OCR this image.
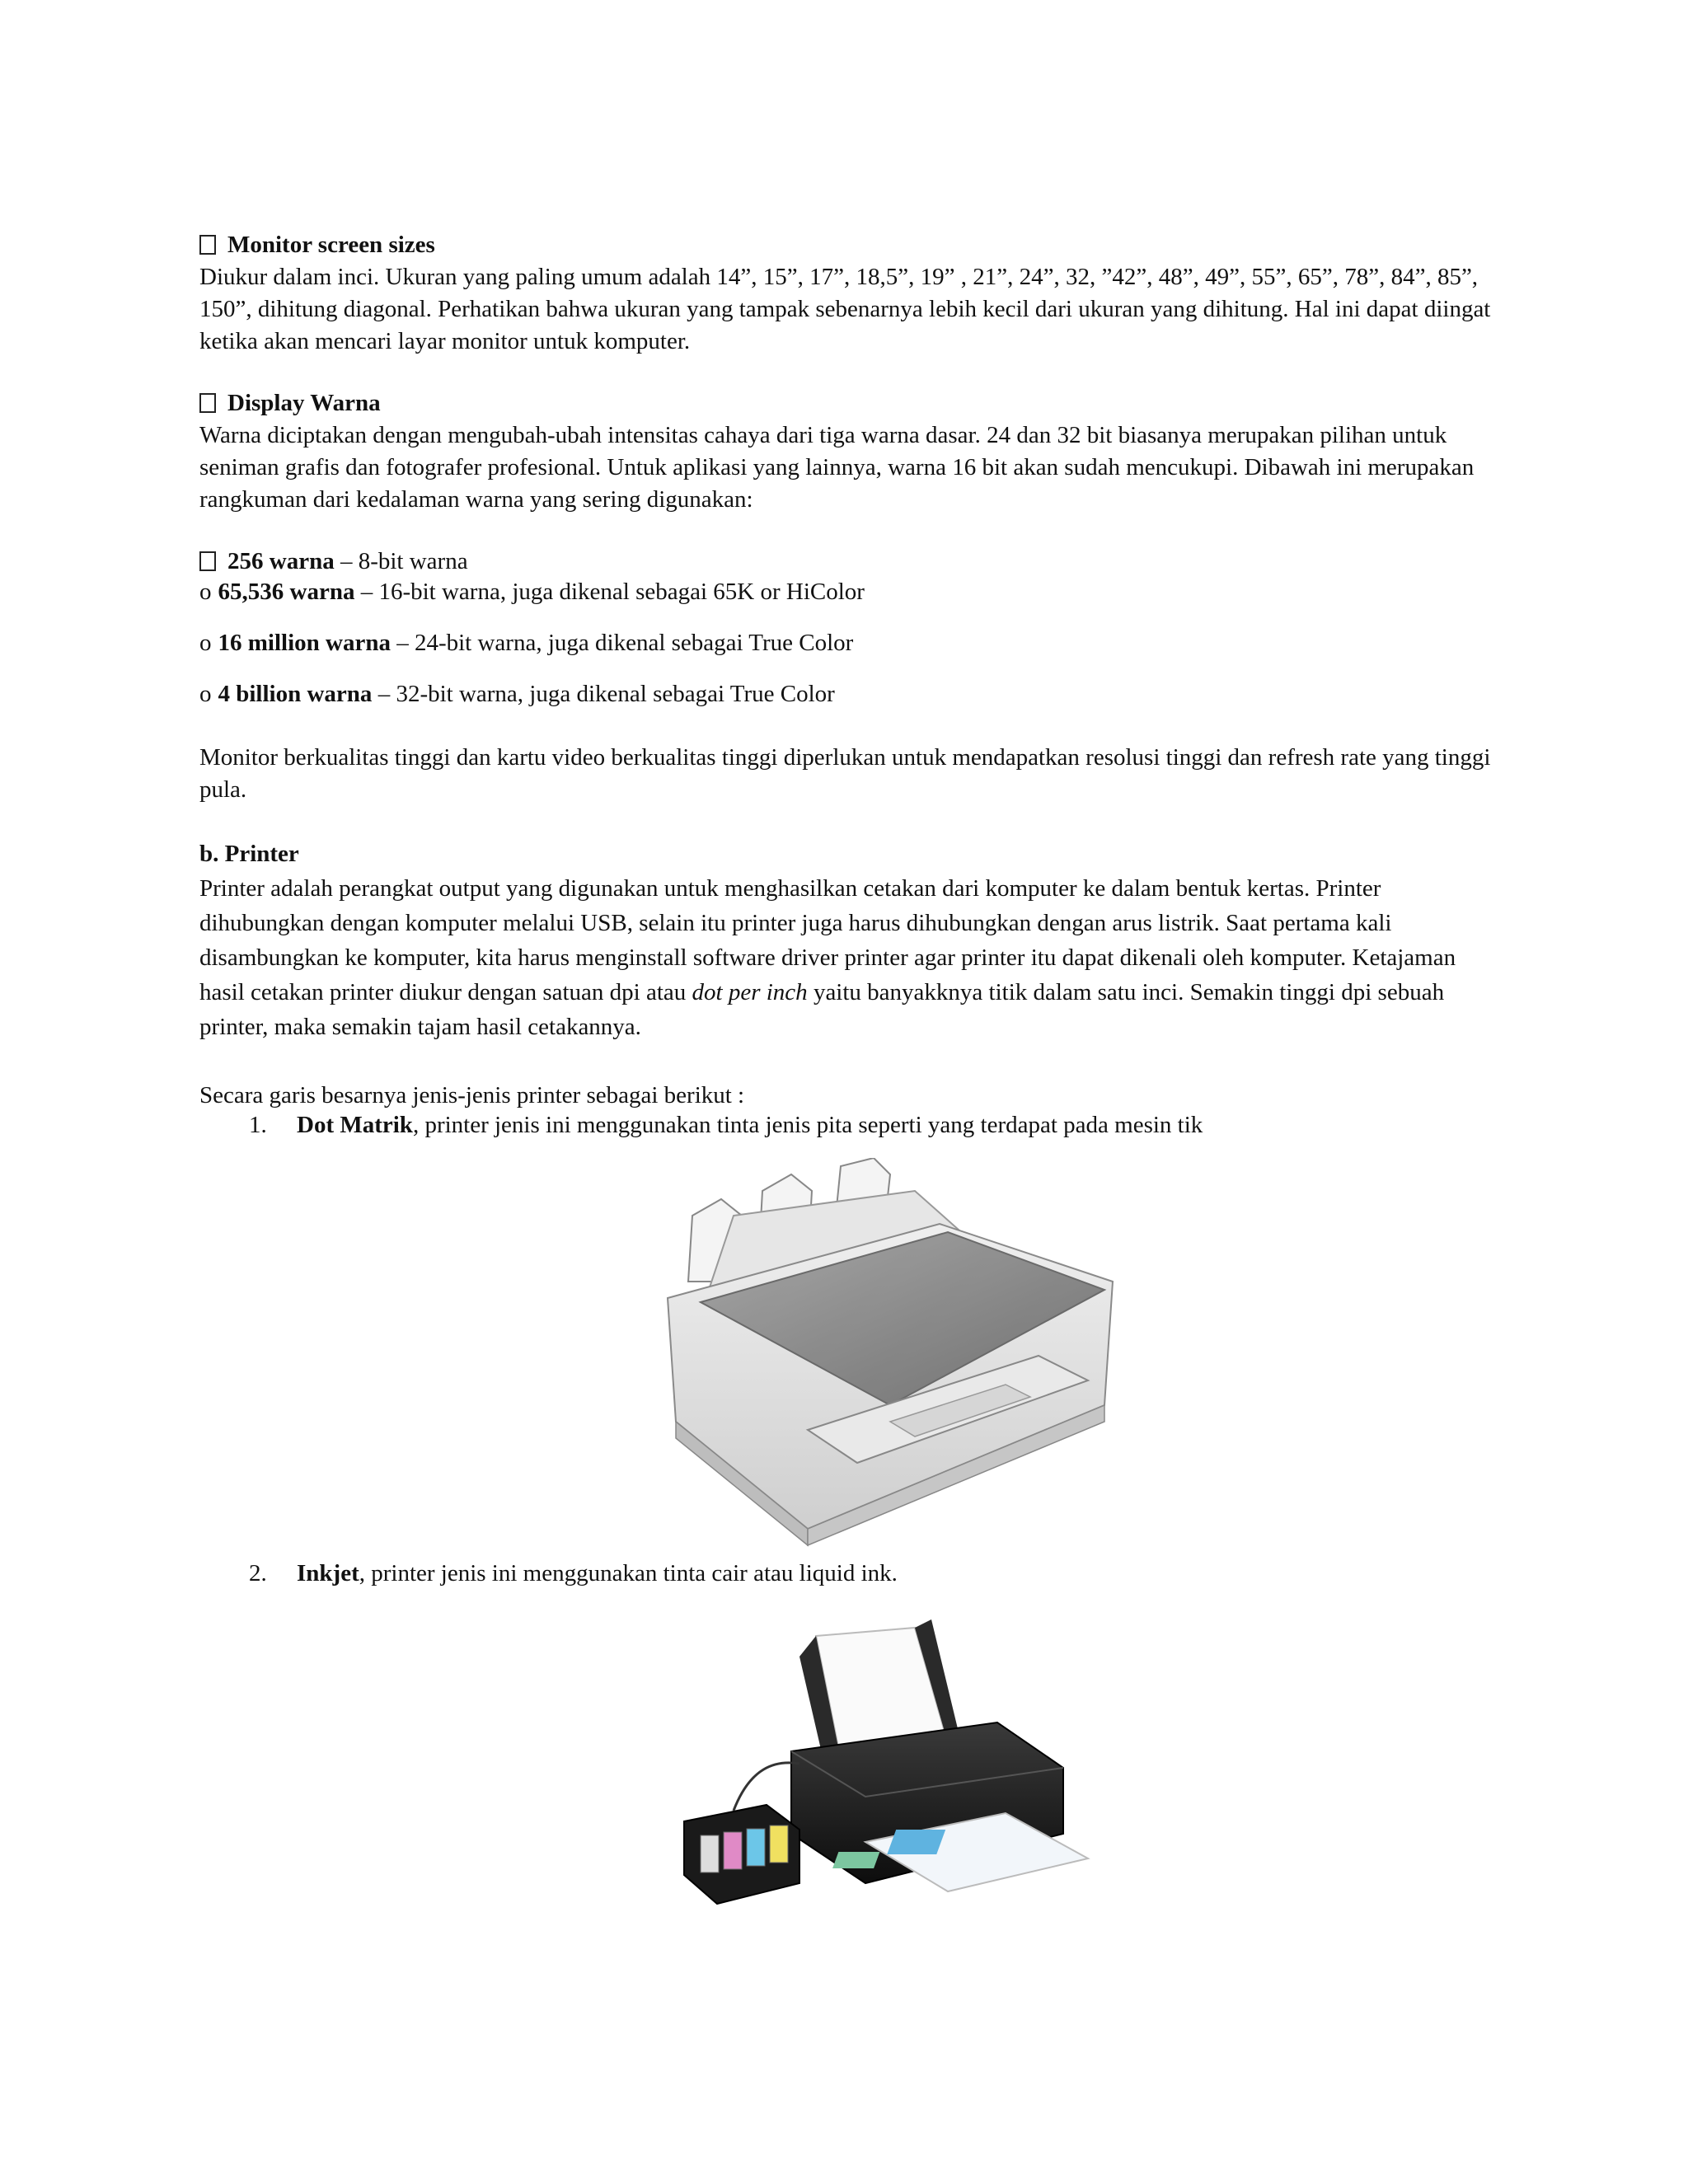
Monitor screen sizes

Diukur dalam inci. Ukuran yang paling umum adalah 14”, 15”, 17”, 18,5”, 19” , 21”, 24”, 32, ”42”, 48”, 49”, 55”, 65”, 78”, 84”, 85”, 150”, dihitung diagonal. Perhatikan bahwa ukuran yang tampak sebenarnya lebih kecil dari ukuran yang dihitung. Hal ini dapat diingat ketika akan mencari layar monitor untuk komputer.

Display Warna

Warna diciptakan dengan mengubah-ubah intensitas cahaya dari tiga warna dasar. 24 dan 32 bit biasanya merupakan pilihan untuk seniman grafis dan fotografer profesional. Untuk aplikasi yang lainnya, warna 16 bit akan sudah mencukupi. Dibawah ini merupakan rangkuman dari kedalaman warna yang sering digunakan:

256 warna – 8-bit warna
o 65,536 warna – 16-bit warna, juga dikenal sebagai 65K or HiColor
o 16 million warna – 24-bit warna, juga dikenal sebagai True Color
o 4 billion warna – 32-bit warna, juga dikenal sebagai True Color

Monitor berkualitas tinggi dan kartu video berkualitas tinggi diperlukan untuk mendapatkan resolusi tinggi dan refresh rate yang tinggi pula.

b. Printer

Printer adalah perangkat output yang digunakan untuk menghasilkan cetakan dari komputer ke dalam bentuk kertas. Printer dihubungkan dengan komputer melalui USB, selain itu printer juga harus dihubungkan dengan arus listrik. Saat pertama kali disambungkan ke komputer, kita harus menginstall software driver printer agar printer itu dapat dikenali oleh komputer. Ketajaman hasil cetakan printer diukur dengan satuan dpi atau dot per inch yaitu banyakknya titik dalam satu inci. Semakin tinggi dpi sebuah printer, maka semakin tajam hasil cetakannya.

Secara garis besarnya jenis-jenis printer sebagai berikut :

1. Dot Matrik, printer jenis ini menggunakan tinta jenis pita seperti yang terdapat pada mesin tik
2. Inkjet, printer jenis ini menggunakan tinta cair atau liquid ink.
